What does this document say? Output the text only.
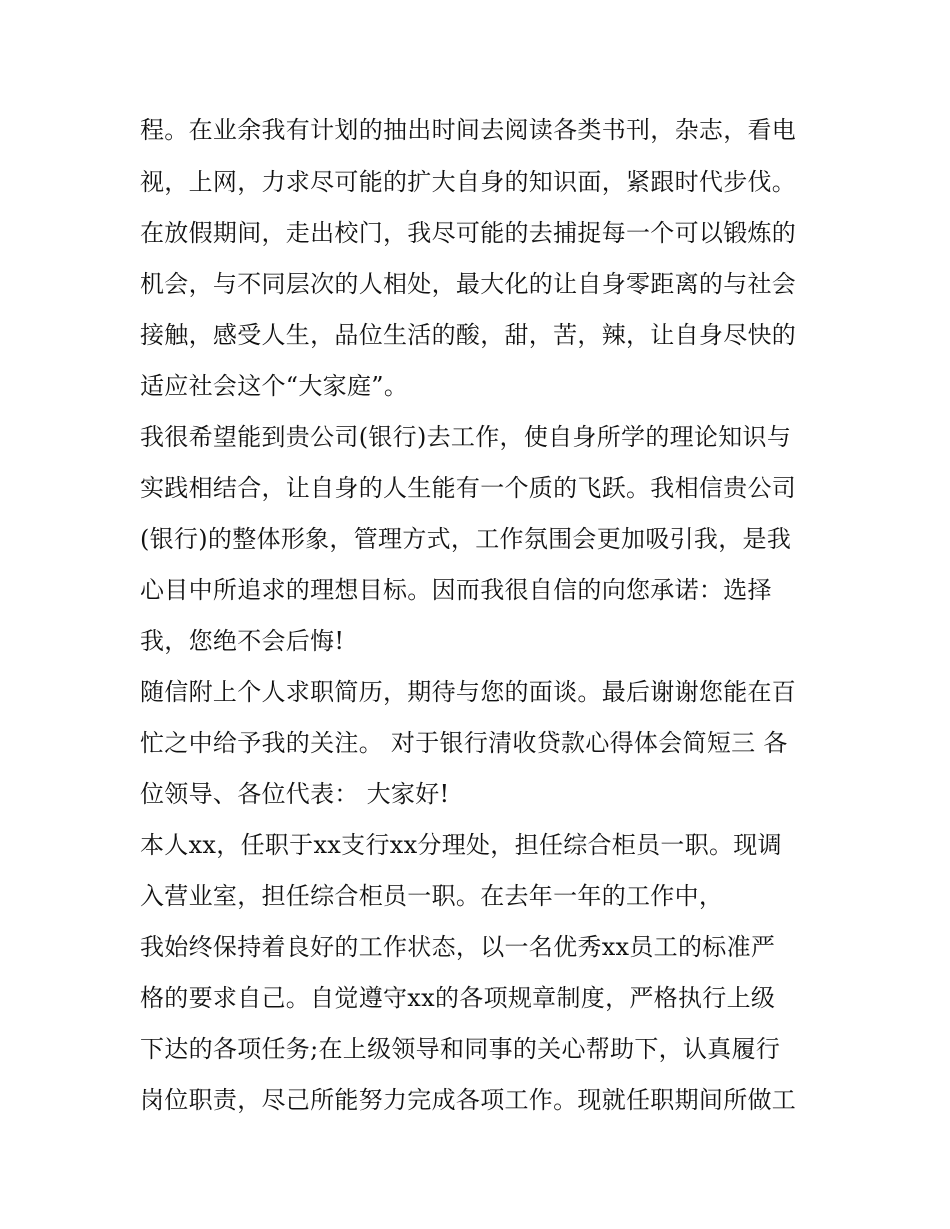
程。在业余我有计划的抽出时间去阅读各类书刊，杂志，看电
视，上网，力求尽可能的扩大自身的知识面，紧跟时代步伐。
在放假期间，走出校门，我尽可能的去捕捉每一个可以锻炼的
机会，与不同层次的人相处，最大化的让自身零距离的与社会
接触，感受人生，品位生活的酸，甜，苦，辣，让自身尽快的
适应社会这个“大家庭”。
我很希望能到贵公司(银行)去工作，使自身所学的理论知识与
实践相结合，让自身的人生能有一个质的飞跃。我相信贵公司
(银行)的整体形象，管理方式，工作氛围会更加吸引我，是我
心目中所追求的理想目标。因而我很自信的向您承诺：选择
我，您绝不会后悔!
随信附上个人求职简历，期待与您的面谈。最后谢谢您能在百
忙之中给予我的关注。 对于银行清收贷款心得体会简短三 各
位领导、各位代表： 大家好!
本人xx，任职于xx支行xx分理处，担任综合柜员一职。现调
入营业室，担任综合柜员一职。在去年一年的工作中，
我始终保持着良好的工作状态，以一名优秀xx员工的标准严
格的要求自己。自觉遵守xx的各项规章制度，严格执行上级
下达的各项任务;在上级领导和同事的关心帮助下，认真履行
岗位职责，尽己所能努力完成各项工作。现就任职期间所做工
